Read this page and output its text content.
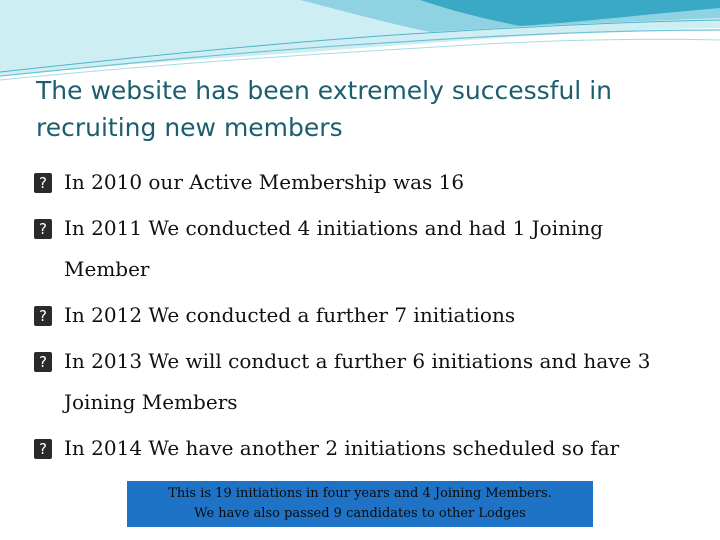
The website has been extremely successful in recruiting new members
? In 2010 our Active Membership was 16
? In 2011 We conducted 4 initiations and had 1 Joining Member
? In 2012 We conducted a further 7 initiations
? In 2013 We will conduct a further 6 initiations and have 3 Joining Members
? In 2014 We have another 2 initiations scheduled so far
This is 19 initiations in four years and 4 Joining Members.
We have also passed 9 candidates to other Lodges
